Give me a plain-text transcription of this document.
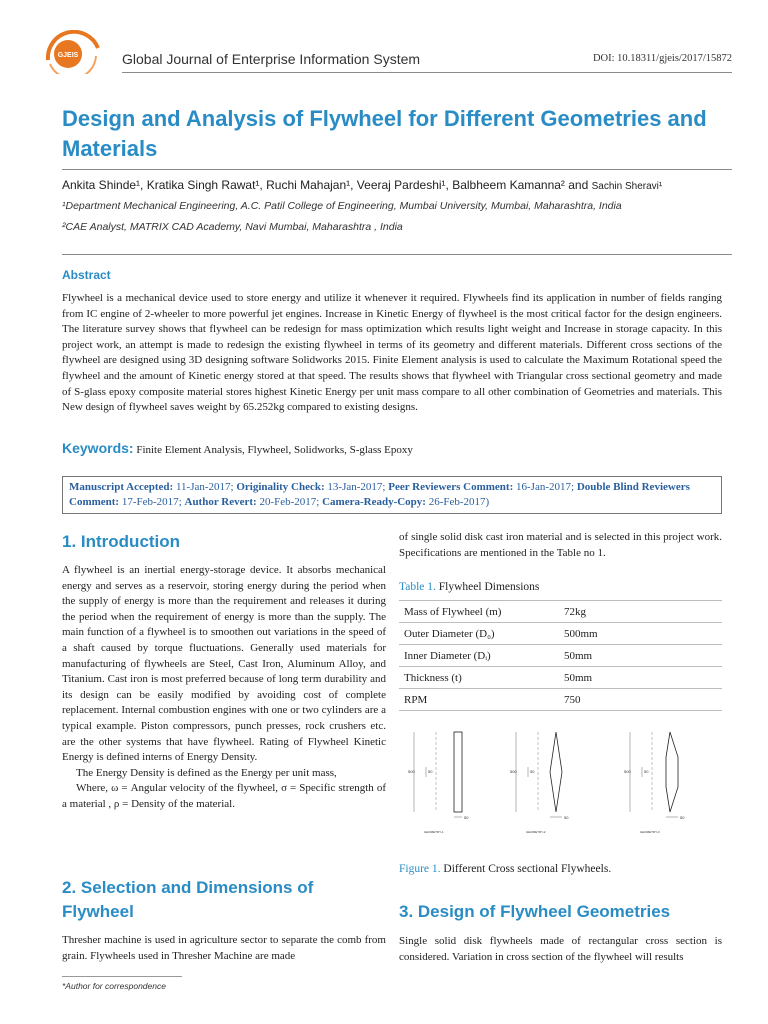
GJEIS	Global Journal of Enterprise Information System	DOI: 10.18311/gjeis/2017/15872
Design and Analysis of Flywheel for Different Geometries and Materials
Ankita Shinde¹, Kratika Singh Rawat¹, Ruchi Mahajan¹, Veeraj Pardeshi¹, Balbheem Kamanna² and Sachin Sheravi¹
¹Department Mechanical Engineering, A.C. Patil College of Engineering, Mumbai University, Mumbai, Maharashtra, India
²CAE Analyst, MATRIX CAD Academy, Navi Mumbai, Maharashtra , India
Abstract
Flywheel is a mechanical device used to store energy and utilize it whenever it required. Flywheels find its application in number of fields ranging from IC engine of 2-wheeler to more powerful jet engines. Increase in Kinetic Energy of flywheel is the most critical factor for the design engineers. The literature survey shows that flywheel can be redesign for mass optimization which results light weight and Increase in storage capacity. In this project work, an attempt is made to redesign the existing flywheel in terms of its geometry and different materials. Different cross sections of the flywheel are designed using 3D designing software Solidworks 2015. Finite Element analysis is used to calculate the Maximum Rotational speed the flywheel and the amount of Kinetic energy stored at that speed. The results shows that flywheel with Triangular cross sectional geometry and made of S-glass epoxy composite material stores highest Kinetic Energy per unit mass compare to all other combination of Geometries and materials. This New design of flywheel saves weight by 65.252kg compared to existing designs.
Keywords: Finite Element Analysis, Flywheel, Solidworks, S-glass Epoxy
Manuscript Accepted: 11-Jan-2017; Originality Check: 13-Jan-2017; Peer Reviewers Comment: 16-Jan-2017; Double Blind Reviewers Comment: 17-Feb-2017; Author Revert: 20-Feb-2017; Camera-Ready-Copy: 26-Feb-2017)
1. Introduction
A flywheel is an inertial energy-storage device. It absorbs mechanical energy and serves as a reservoir, storing energy during the period when the supply of energy is more than the requirement and releases it during the period when the requirement of energy is more than the supply. The main function of a flywheel is to smoothen out variations in the speed of a shaft caused by torque fluctuations. Generally used materials for manufacturing of flywheels are Steel, Cast Iron, Aluminum Alloy, and Titanium. Cast iron is most preferred because of long term durability and its design can be easily modified by avoiding cost of complete replacement. Internal combustion engines with one or two cylinders are a typical example. Piston compressors, punch presses, rock crushers etc. are the other systems that have flywheel. Rating of Flywheel Kinetic Energy is defined interns of Energy Density.
The Energy Density is defined as the Energy per unit mass,
Where, ω = Angular velocity of the flywheel, σ = Specific strength of a material , ρ = Density of the material.
2. Selection and Dimensions of Flywheel
Thresher machine is used in agriculture sector to separate the comb from grain. Flywheels used in Thresher Machine are made
of single solid disk cast iron material and is selected in this project work. Specifications are mentioned in the Table no 1.
Table 1. Flywheel Dimensions
Mass of Flywheel (m)	72kg
Outer Diameter (D₀)	500mm
Inner Diameter (Dᵢ)	50mm
Thickness (t)	50mm
RPM	750
500	50
50
GEOMETRY-1
500	50
50
GEOMETRY-2
500	50
50
GEOMETRY-3
Figure 1. Different Cross sectional Flywheels.
3. Design of Flywheel Geometries
Single solid disk flywheels made of rectangular cross section is considered. Variation in cross section of the flywheel will results
*Author for correspondence
